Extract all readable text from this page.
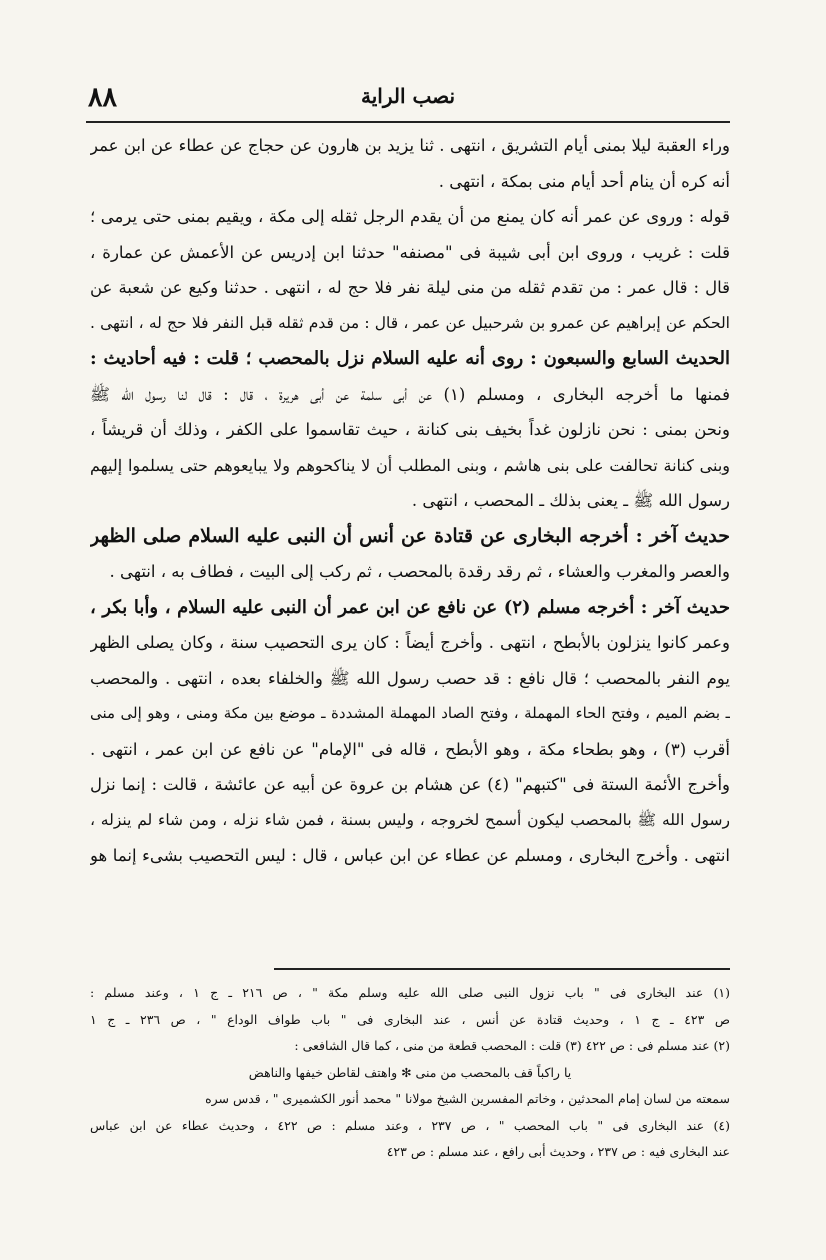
٨٨	نصب الراية
وراء العقبة ليلا بمنى أيام التشريق ، انتهى . ثنا يزيد بن هارون عن حجاج عن عطاء عن ابن عمر
أنه كره أن ينام أحد أيام منى بمكة ، انتهى .
قوله : وروى عن عمر أنه كان يمنع من أن يقدم الرجل ثقله إلى مكة ، ويقيم بمنى حتى يرمى ؛
قلت : غريب ، وروى ابن أبى شيبة فى "مصنفه" حدثنا ابن إدريس عن الأعمش عن عمارة ،
قال : قال عمر : من تقدم ثقله من منى ليلة نفر فلا حج له ، انتهى . حدثنا وكيع عن شعبة عن
الحكم عن إبراهيم عن عمرو بن شرحبيل عن عمر ، قال : من قدم ثقله قبل النفر فلا حج له ، انتهى .
الحديث السابع والسبعون : روى أنه عليه السلام نزل بالمحصب ؛ قلت : فيه أحاديث :
فمنها ما أخرجه البخارى ، ومسلم (١) عن أبى سلمة عن أبى هريرة ، قال : قال لنا رسول الله ﷺ
ونحن بمنى : نحن نازلون غداً بخيف بنى كنانة ، حيث تقاسموا على الكفر ، وذلك أن قريشاً ،
وبنى كنانة تحالفت على بنى هاشم ، وبنى المطلب أن لا يناكحوهم ولا يبايعوهم حتى يسلموا إليهم
رسول الله ﷺ ـ يعنى بذلك ـ المحصب ، انتهى .
حديث آخر : أخرجه البخارى عن قتادة عن أنس أن النبى عليه السلام صلى الظهر
والعصر والمغرب والعشاء ، ثم رقد رقدة بالمحصب ، ثم ركب إلى البيت ، فطاف به ، انتهى .
حديث آخر : أخرجه مسلم (٢) عن نافع عن ابن عمر أن النبى عليه السلام ، وأبا بكر ،
وعمر كانوا ينزلون بالأبطح ، انتهى . وأخرج أيضاً : كان يرى التحصيب سنة ، وكان يصلى الظهر
يوم النفر بالمحصب ؛ قال نافع : قد حصب رسول الله ﷺ والخلفاء بعده ، انتهى . والمحصب
ـ بضم الميم ، وفتح الحاء المهملة ، وفتح الصاد المهملة المشددة ـ موضع بين مكة ومنى ، وهو إلى منى
أقرب (٣) ، وهو بطحاء مكة ، وهو الأبطح ، قاله فى "الإمام" عن نافع عن ابن عمر ، انتهى .
وأخرج الأئمة الستة فى "كتبهم" (٤) عن هشام بن عروة عن أبيه عن عائشة ، قالت : إنما نزل
رسول الله ﷺ بالمحصب ليكون أسمح لخروجه ، وليس بسنة ، فمن شاء نزله ، ومن شاء لم ينزله ،
انتهى . وأخرج البخارى ، ومسلم عن عطاء عن ابن عباس ، قال : ليس التحصيب بشىء إنما هو
(١) عند البخارى فى " باب نزول النبى صلى الله عليه وسلم مكة " ، ص ٢١٦ ـ ج ١ ، وعند مسلم :
ص ٤٢٣ ـ ج ١ ، وحديث قتادة عن أنس ، عند البخارى فى " باب طواف الوداع " ، ص ٢٣٦ ـ ج ١
(٢) عند مسلم فى : ص ٤٢٢ (٣) قلت : المحصب قطعة من منى ، كما قال الشافعى :
يا راكباً قف بالمحصب من منى ✻ واهتف لقاطن خيفها والناهض
سمعته من لسان إمام المحدثين ، وخاتم المفسرين الشيخ مولانا " محمد أنور الكشميرى " ، قدس سره
(٤) عند البخارى فى " باب المحصب " ، ص ٢٣٧ ، وعند مسلم : ص ٤٢٢ ، وحديث عطاء عن ابن عباس
عند البخارى فيه : ص ٢٣٧ ، وحديث أبى رافع ، عند مسلم : ص ٤٢٣
